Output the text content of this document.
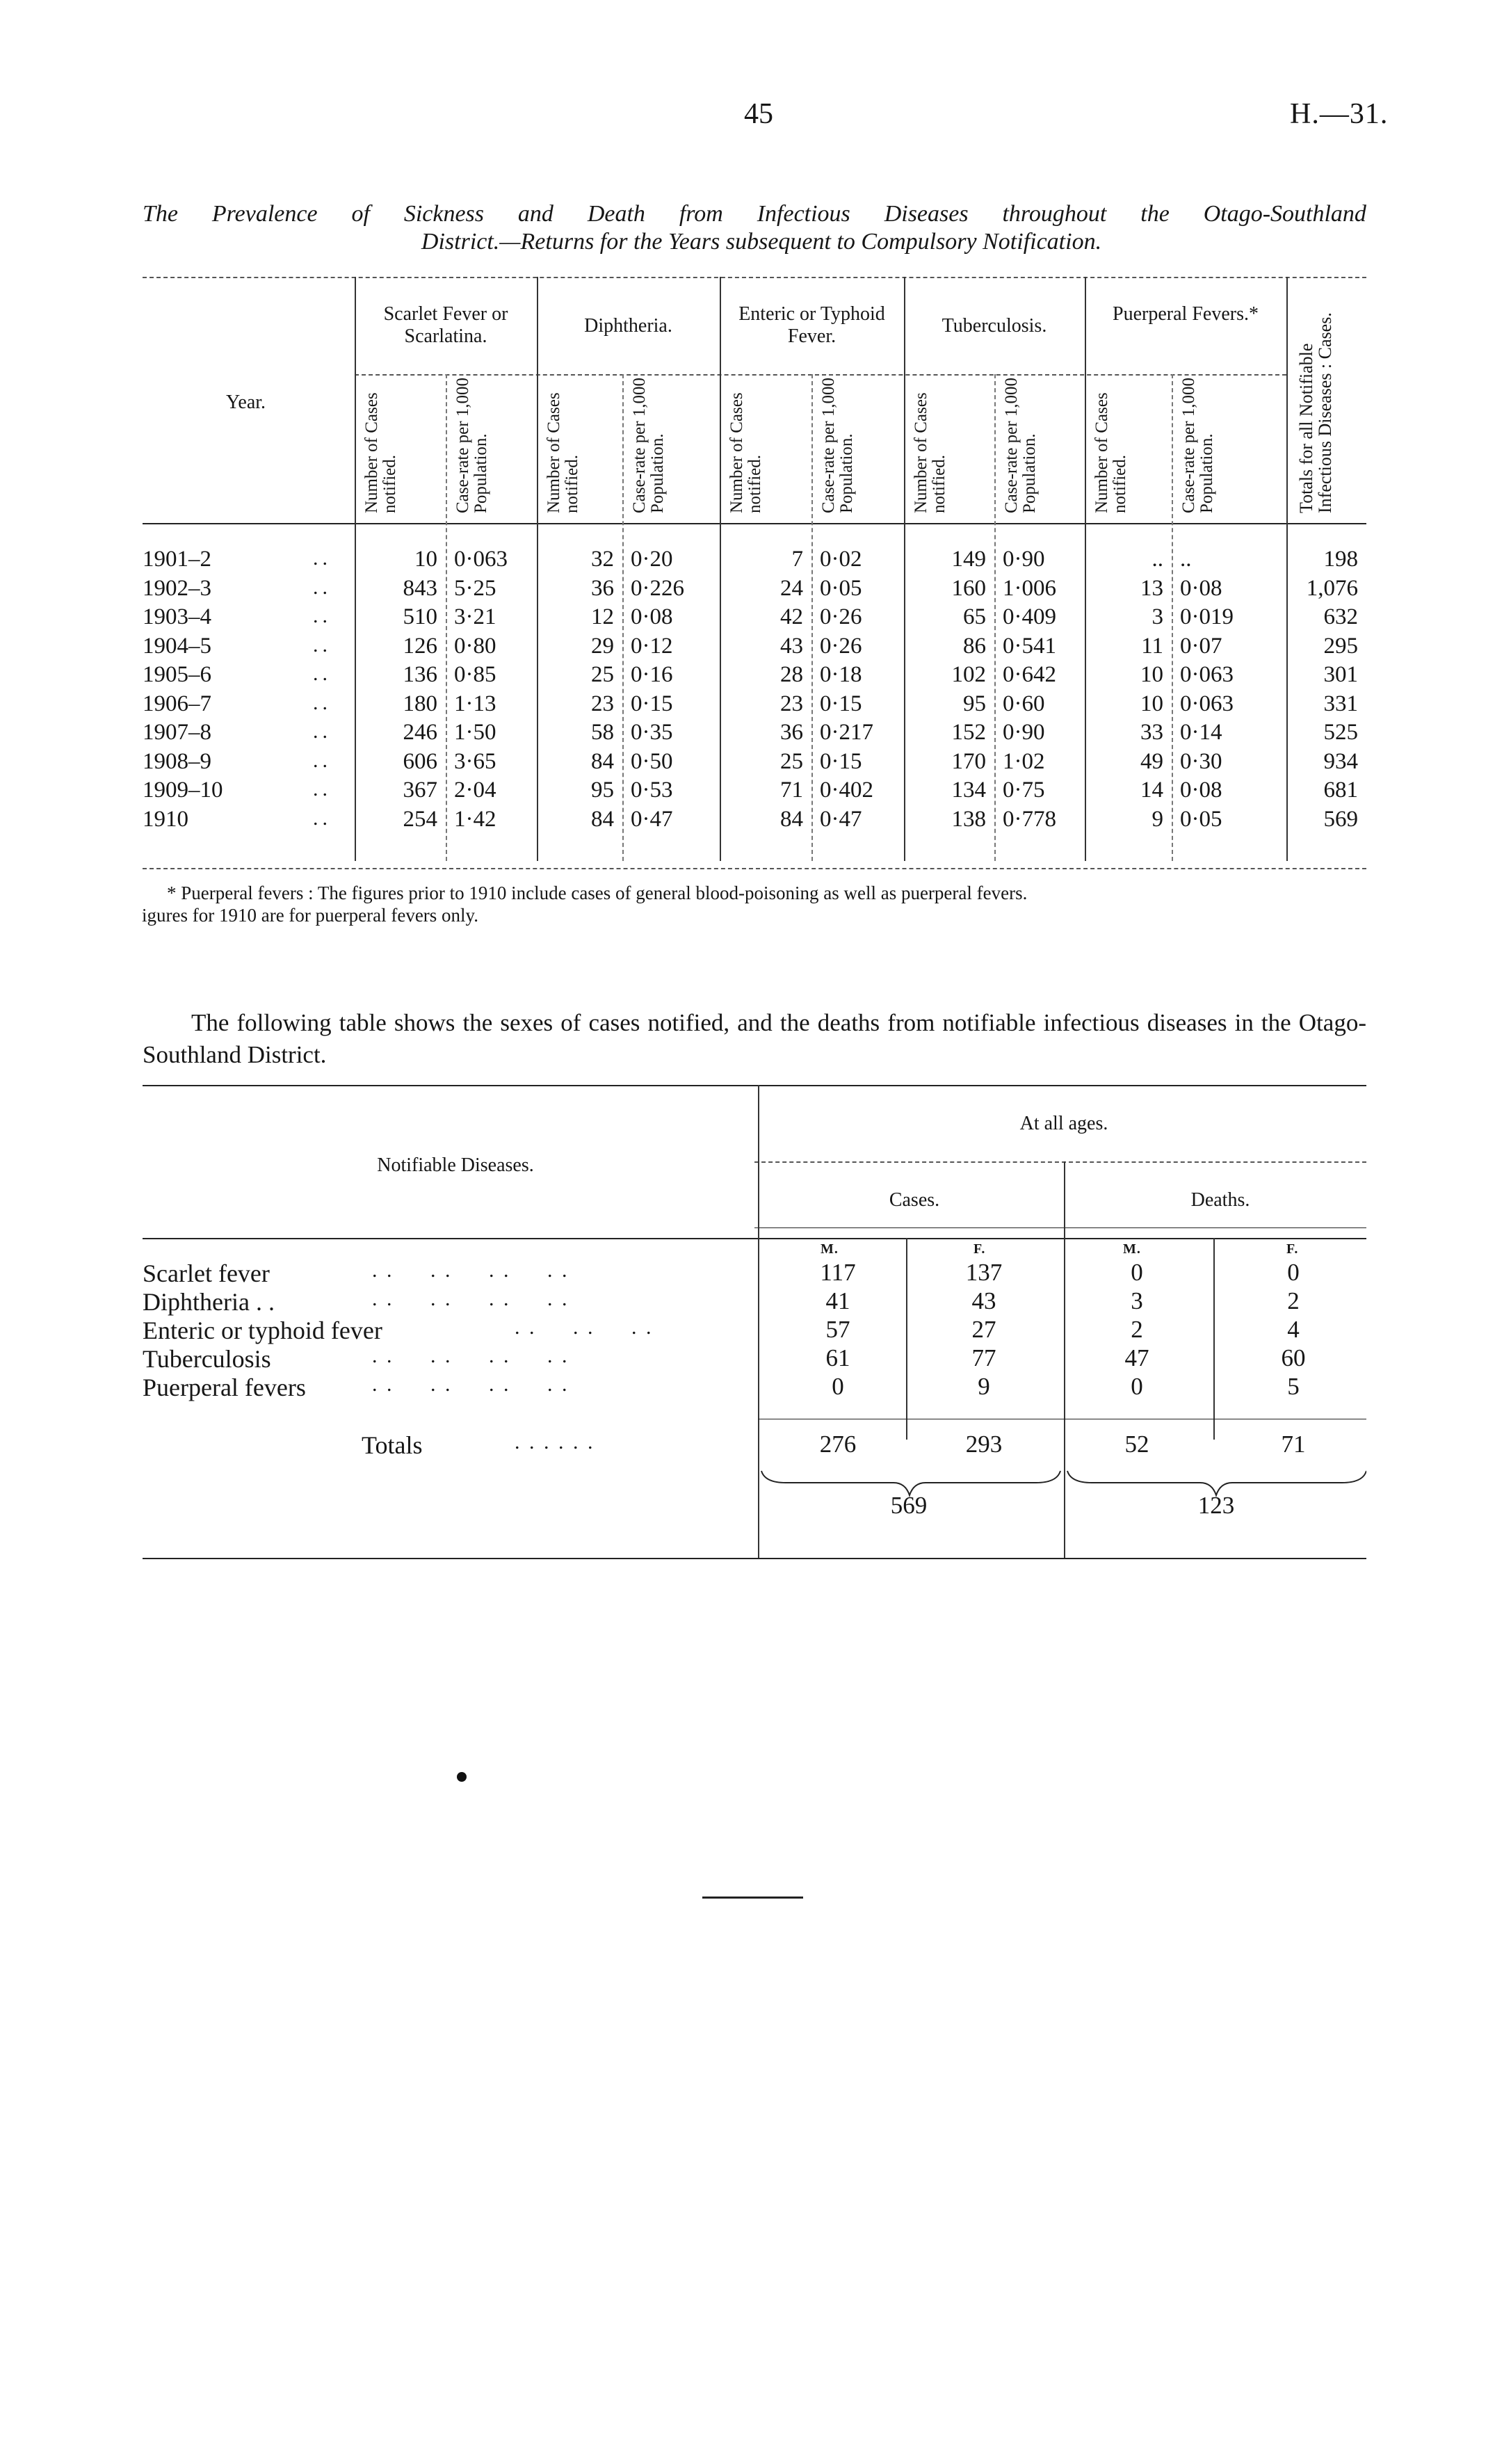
45	H.—31.
The Prevalence of Sickness and Death from Infectious Diseases throughout the Otago-Southland
District.—Returns for the Years subsequent to Compulsory Notification.
Year.
Scarlet Fever or Scarlatina.
Number of Cases notified.	Case-rate per 1,000 Population.
Diphtheria.
Number of Cases notified.	Case-rate per 1,000 Population.
Enteric or Typhoid Fever.
Number of Cases notified.	Case-rate per 1,000 Population.
Tuberculosis.
Number of Cases notified.	Case-rate per 1,000 Population.
Puerperal Fevers.*
Number of Cases notified.	Case-rate per 1,000 Population.	Totals for all Notifiable Infectious Diseases : Cases.
1901–2	..	10 0·063	32 0·20	7 0·02	149 0·90	.. ..	198
1902–3	..	843 5·25	36 0·226	24 0·05	160 1·006	13 0·08	1,076
1903–4	..	510 3·21	12 0·08	42 0·26	65 0·409	3 0·019	632
1904–5	..	126 0·80	29 0·12	43 0·26	86 0·541	11 0·07	295
1905–6	..	136 0·85	25 0·16	28 0·18	102 0·642	10 0·063	301
1906–7	..	180 1·13	23 0·15	23 0·15	95 0·60	10 0·063	331
1907–8	..	246 1·50	58 0·35	36 0·217	152 0·90	33 0·14	525
1908–9	..	606 3·65	84 0·50	25 0·15	170 1·02	49 0·30	934
1909–10	..	367 2·04	95 0·53	71 0·402	134 0·75	14 0·08	681
1910	..	254 1·42	84 0·47	84 0·47	138 0·778	9 0·05	569
* Puerperal fevers : The figures prior to 1910 include cases of general blood-poisoning as well as puerperal fevers.
igures for 1910 are for puerperal fevers only.
The following table shows the sexes of cases notified, and the deaths from notifiable infectious diseases in the Otago-Southland District.
Notifiable Diseases.
At all ages.
Cases.	Deaths.
M.	F.	M.	F.
Scarlet fever	. .     . .     . .     . .	117	137	0	0
Diphtheria . .	. .     . .     . .     . .	41	43	3	2
Enteric or typhoid fever	. .     . .     . .	57	27	2	4
Tuberculosis	. .     . .     . .     . .	61	77	47	60
Puerperal fevers	. .     . .     . .     . .	0	9	0	5
Totals	. . . . . .	276	293	52	71
569	123
